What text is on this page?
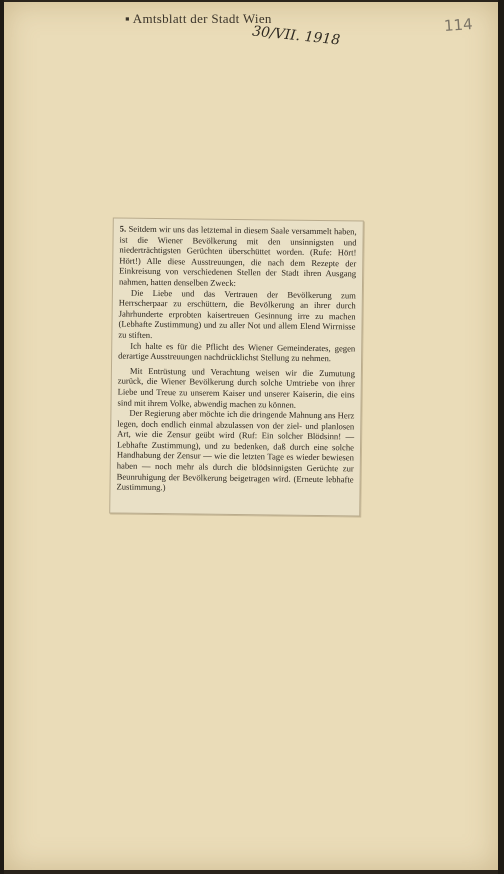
▪ Amtsblatt der Stadt Wien
30/VII. 1918	114

5. Seitdem wir uns das letztemal in diesem Saale versammelt haben, ist die Wiener Bevölkerung mit den unsinnigsten und niederträchtigsten Gerüchten überschüttet worden. (Rufe: Hört! Hört!) Alle diese Ausstreuungen, die nach dem Rezepte der Einkreisung von verschiedenen Stellen der Stadt ihren Ausgang nahmen, hatten denselben Zweck:

Die Liebe und das Vertrauen der Bevölkerung zum Herrscherpaar zu erschüttern, die Bevölkerung an ihrer durch Jahrhunderte erprobten kaisertreuen Gesinnung irre zu machen (Lebhafte Zustimmung) und zu aller Not und allem Elend Wirrnisse zu stiften.

Ich halte es für die Pflicht des Wiener Gemeinderates, gegen derartige Ausstreuungen nachdrücklichst Stellung zu nehmen.

Mit Entrüstung und Verachtung weisen wir die Zumutung zurück, die Wiener Bevölkerung durch solche Umtriebe von ihrer Liebe und Treue zu unserem Kaiser und unserer Kaiserin, die eins sind mit ihrem Volke, abwendig machen zu können.

Der Regierung aber möchte ich die dringende Mahnung ans Herz legen, doch endlich einmal abzulassen von der ziel- und planlosen Art, wie die Zensur geübt wird (Ruf: Ein solcher Blödsinn! — Lebhafte Zustimmung), und zu bedenken, daß durch eine solche Handhabung der Zensur — wie die letzten Tage es wieder bewiesen haben — noch mehr als durch die blödsinnigsten Gerüchte zur Beunruhigung der Bevölkerung beigetragen wird. (Erneute lebhafte Zustimmung.)
